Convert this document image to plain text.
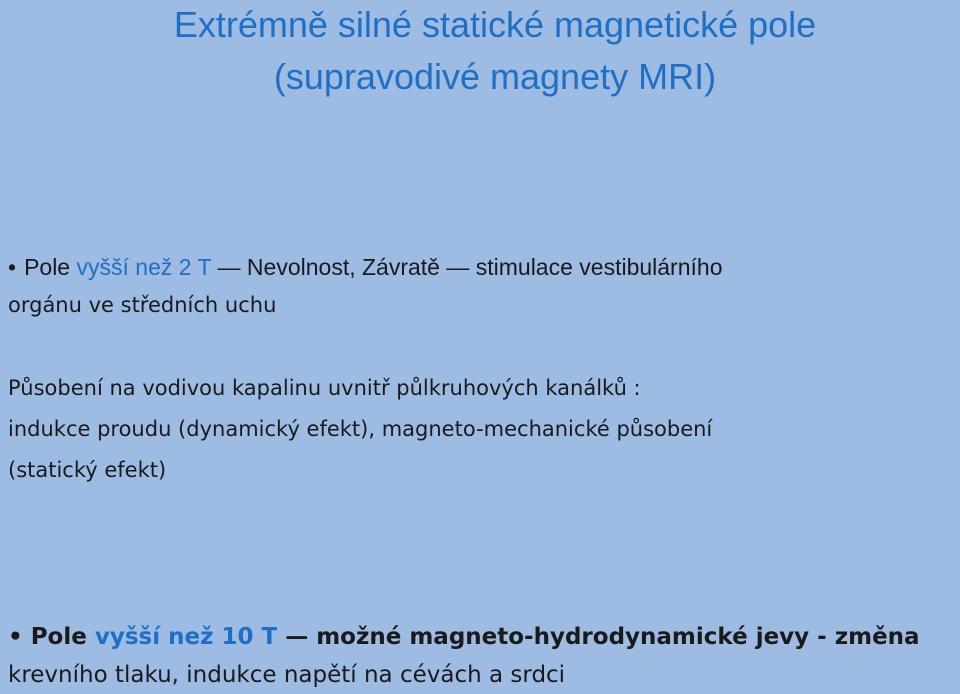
Extrémně silné statické magnetické pole
(supravodivé magnety MRI)
• Pole vyšší než 2 T — Nevolnost, Závratě — stimulace vestibulárního
orgánu ve středních uchu
Působení na vodivou kapalinu uvnitř půlkruhových kanálků :
indukce proudu (dynamický efekt), magneto-mechanické působení
(statický efekt)
• Pole vyšší než 10 T — možné magneto-hydrodynamické jevy - změna
krevního tlaku, indukce napětí na cévách a srdci
